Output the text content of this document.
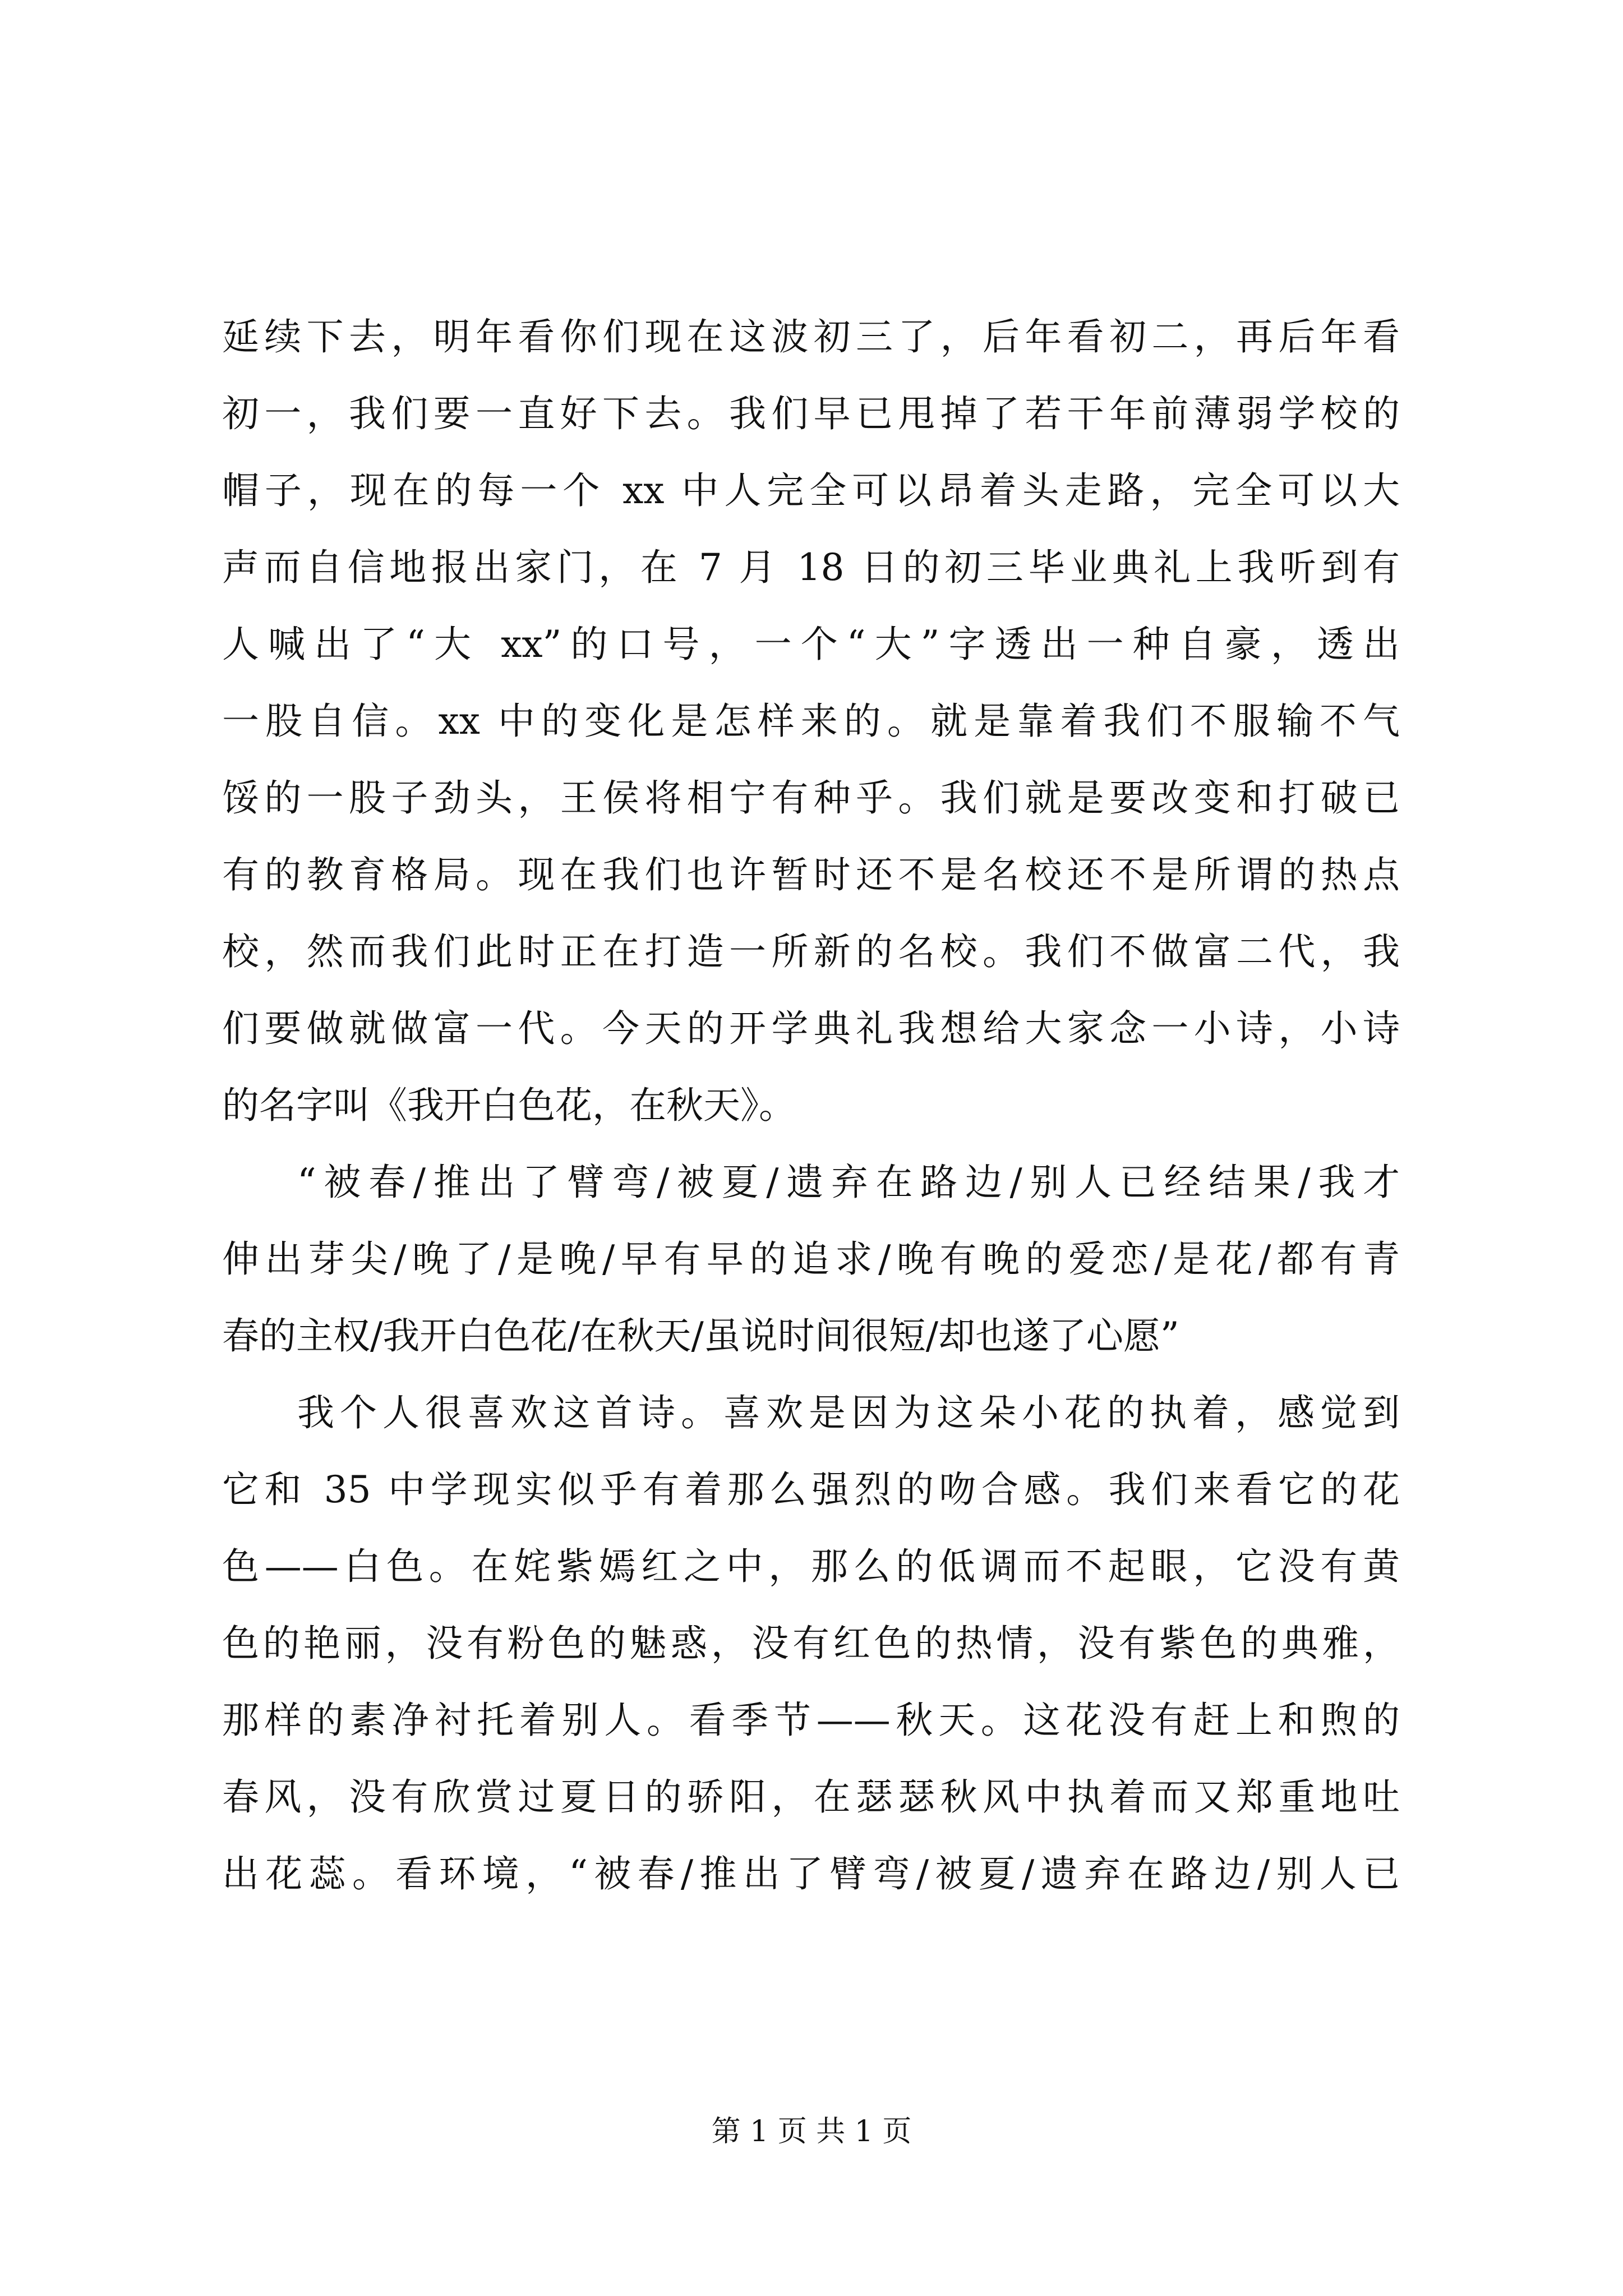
延续下去，明年看你们现在这波初三了，后年看初二，再后年看
初一，我们要一直好下去。我们早已甩掉了若干年前薄弱学校的
帽子，现在的每一个 xx 中人完全可以昂着头走路，完全可以大
声而自信地报出家门，在 7 月 18 日的初三毕业典礼上我听到有
人喊出了“大 xx”的口号，一个“大”字透出一种自豪，透出
一股自信。xx 中的变化是怎样来的。就是靠着我们不服输不气
馁的一股子劲头，王侯将相宁有种乎。我们就是要改变和打破已
有的教育格局。现在我们也许暂时还不是名校还不是所谓的热点
校，然而我们此时正在打造一所新的名校。我们不做富二代，我
们要做就做富一代。今天的开学典礼我想给大家念一小诗，小诗
的名字叫《我开白色花，在秋天》。
“被春/推出了臂弯/被夏/遗弃在路边/别人已经结果/我才
伸出芽尖/晚了/是晚/早有早的追求/晚有晚的爱恋/是花/都有青
春的主权/我开白色花/在秋天/虽说时间很短/却也遂了心愿”
我个人很喜欢这首诗。喜欢是因为这朵小花的执着，感觉到
它和 35 中学现实似乎有着那么强烈的吻合感。我们来看它的花
色——白色。在姹紫嫣红之中，那么的低调而不起眼，它没有黄
色的艳丽，没有粉色的魅惑，没有红色的热情，没有紫色的典雅，
那样的素净衬托着别人。看季节——秋天。这花没有赶上和煦的
春风，没有欣赏过夏日的骄阳，在瑟瑟秋风中执着而又郑重地吐
出花蕊。看环境，“被春/推出了臂弯/被夏/遗弃在路边/别人已
第 1 页 共 1 页
